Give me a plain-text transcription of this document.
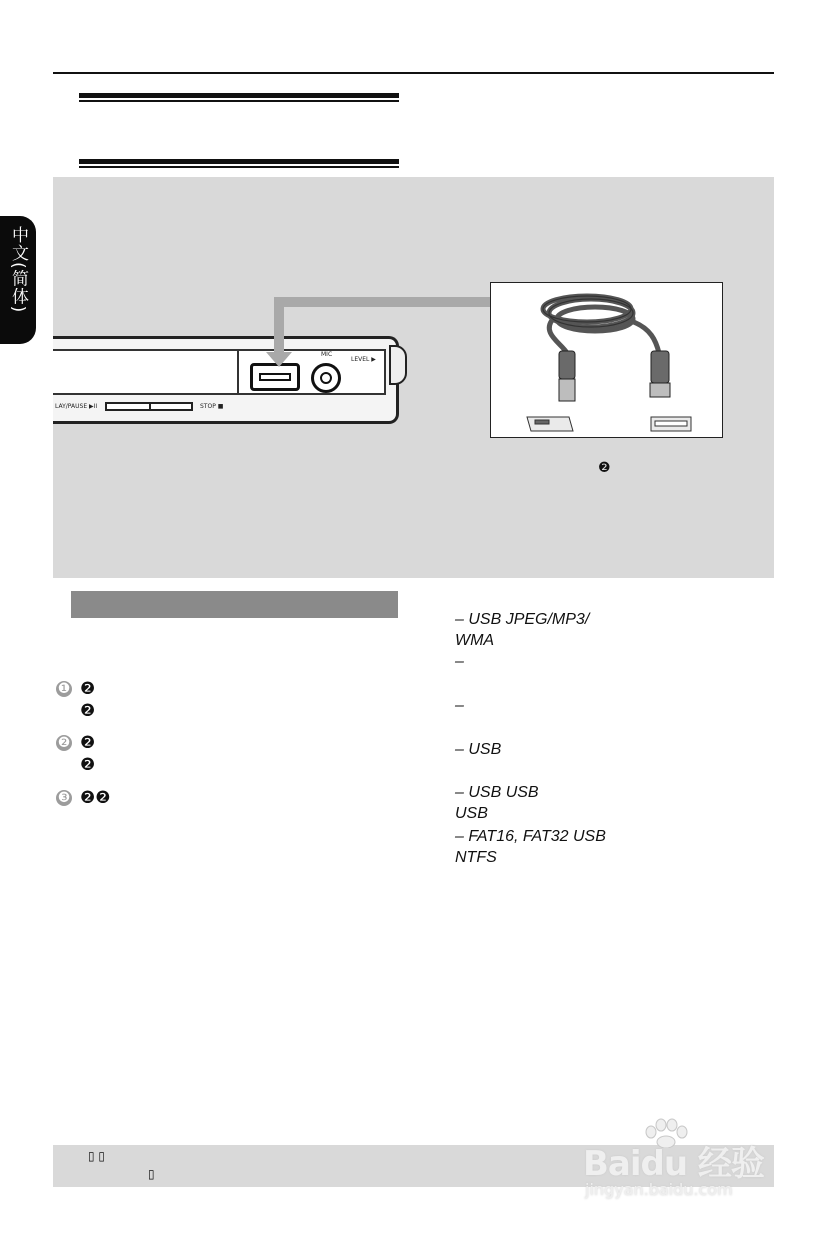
中文(简体)
MIC
LEVEL ▶
LAY/PAUSE ▶II	STOP ■
❷
❶ ❷
❷
❷ ❷
❷
❸ ❷❷
– USB JPEG/MP3/
WMA
–
–
– USB
– USB USB
USB
– FAT16, FAT32 USB
NTFS
▯ ▯
▯	Baidu 经验
jingyan.baidu.com
